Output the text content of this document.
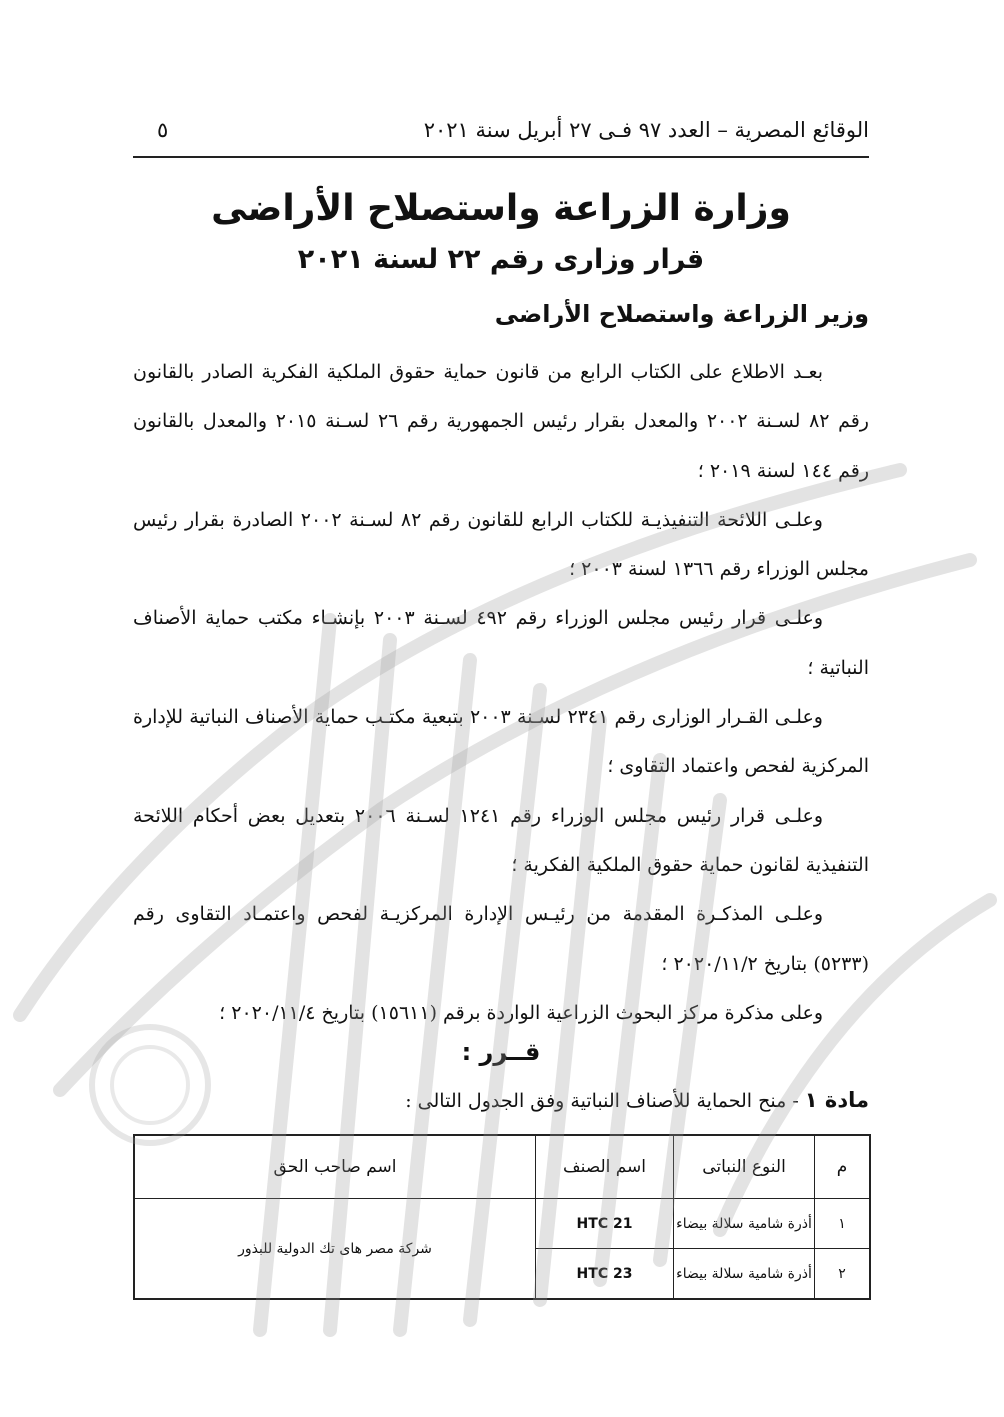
الوقائع المصرية – العدد ٩٧ فـى ٢٧ أبريل سنة ٢٠٢١
٥
وزارة الزراعة واستصلاح الأراضى
قرار وزارى رقم ٢٢ لسنة ٢٠٢١
وزير الزراعة واستصلاح الأراضى

بعـد الاطلاع على الكتاب الرابع من قانون حماية حقوق الملكية الفكرية الصادر بالقانون رقم ٨٢ لسـنة ٢٠٠٢ والمعدل بقرار رئيس الجمهورية رقم ٢٦ لسـنة ٢٠١٥ والمعدل بالقانون رقم ١٤٤ لسنة ٢٠١٩ ؛

وعلـى اللائحة التنفيذيـة للكتاب الرابع للقانون رقم ٨٢ لسـنة ٢٠٠٢ الصادرة بقرار رئيس مجلس الوزراء رقم ١٣٦٦ لسنة ٢٠٠٣ ؛

وعلـى قرار رئيس مجلس الوزراء رقم ٤٩٢ لسـنة ٢٠٠٣ بإنشـاء مكتب حماية الأصناف النباتية ؛

وعلـى القـرار الوزارى رقم ٢٣٤١ لسـنة ٢٠٠٣ بتبعية مكتـب حماية الأصناف النباتية للإدارة المركزية لفحص واعتماد التقاوى ؛

وعلـى قرار رئيس مجلس الوزراء رقم ١٢٤١ لسـنة ٢٠٠٦ بتعديل بعض أحكام اللائحة التنفيذية لقانون حماية حقوق الملكية الفكرية ؛

وعلـى المذكـرة المقدمة من رئيـس الإدارة المركزيـة لفحص واعتمـاد التقاوى رقم (٥٢٣٣) بتاريخ ٢٠٢٠/١١/٢ ؛

وعلى مذكرة مركز البحوث الزراعية الواردة برقم (١٥٦١١) بتاريخ ٢٠٢٠/١١/٤ ؛

قــرر :
مادة ١ - منح الحماية للأصناف النباتية وفق الجدول التالى :
م	النوع النباتى	اسم الصنف	اسم صاحب الحق
١	أذرة شامية سلالة بيضاء	HTC 21	شركة مصر هاى تك الدولية للبذور
٢	أذرة شامية سلالة بيضاء	HTC 23	
